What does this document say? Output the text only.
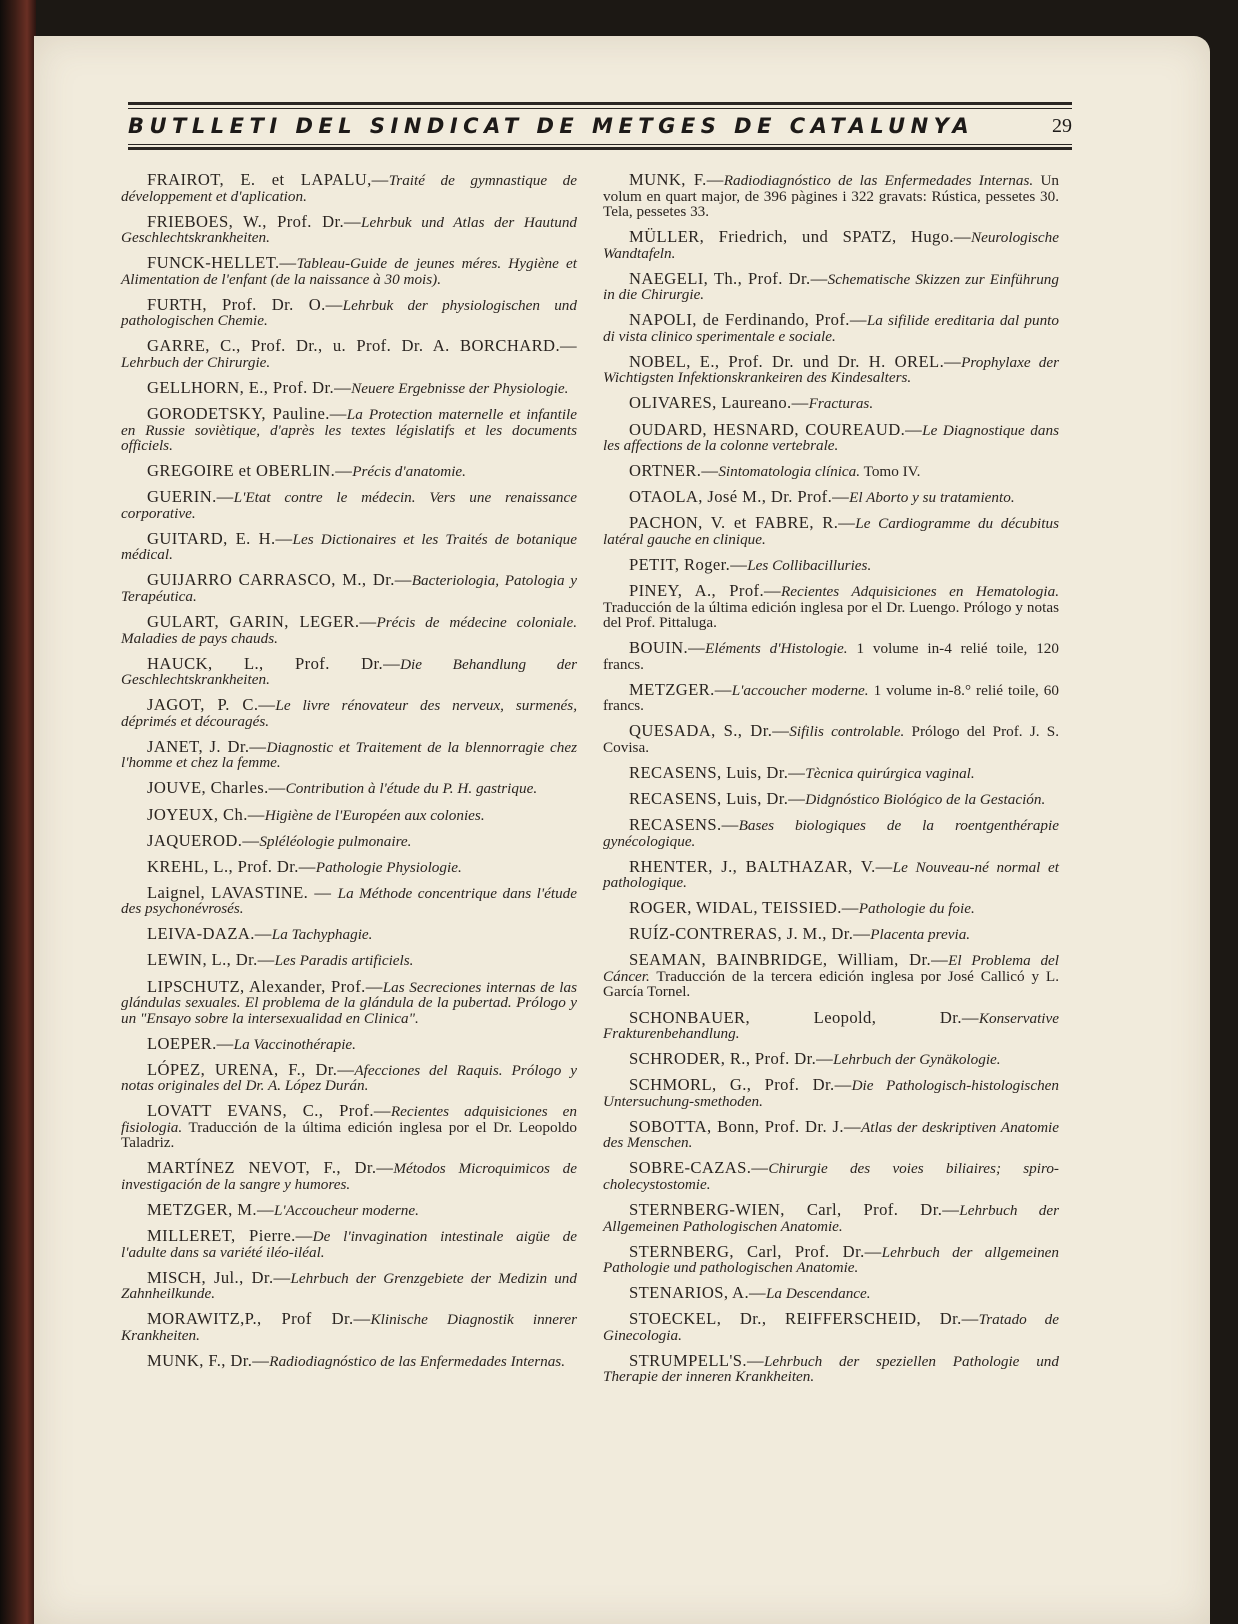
BUTLLETI DEL SINDICAT DE METGES DE CATALUNYA	29

FRAIROT, E. et LAPALU,—Traité de gymnastique de développement et d'aplication.

FRIEBOES, W., Prof. Dr.—Lehrbuk und Atlas der Hautund Geschlechtskrankheiten.

FUNCK-HELLET.—Tableau-Guide de jeunes méres. Hygiène et Alimentation de l'enfant (de la naissance à 30 mois).

FURTH, Prof. Dr. O.—Lehrbuk der physiologischen und pathologischen Chemie.

GARRE, C., Prof. Dr., u. Prof. Dr. A. BORCHARD.—Lehrbuch der Chirurgie.

GELLHORN, E., Prof. Dr.—Neuere Ergebnisse der Physiologie.

GORODETSKY, Pauline.—La Protection maternelle et infantile en Russie soviètique, d'après les textes législatifs et les documents officiels.

GREGOIRE et OBERLIN.—Précis d'anatomie.

GUERIN.—L'Etat contre le médecin. Vers une renaissance corporative.

GUITARD, E. H.—Les Dictionaires et les Traités de botanique médical.

GUIJARRO CARRASCO, M., Dr.—Bacteriologia, Patologia y Terapéutica.

GULART, GARIN, LEGER.—Précis de médecine coloniale. Maladies de pays chauds.

HAUCK, L., Prof. Dr.—Die Behandlung der Geschlechtskrankheiten.

JAGOT, P. C.—Le livre rénovateur des nerveux, surmenés, déprimés et découragés.

JANET, J. Dr.—Diagnostic et Traitement de la blennorragie chez l'homme et chez la femme.

JOUVE, Charles.—Contribution à l'étude du P. H. gastrique.

JOYEUX, Ch.—Higiène de l'Européen aux colonies.

JAQUEROD.—Spléléologie pulmonaire.

KREHL, L., Prof. Dr.—Pathologie Physiologie.

Laignel, LAVASTINE. — La Méthode concentrique dans l'étude des psychonévrosés.

LEIVA-DAZA.—La Tachyphagie.

LEWIN, L., Dr.—Les Paradis artificiels.

LIPSCHUTZ, Alexander, Prof.—Las Secreciones internas de las glándulas sexuales. El problema de la glándula de la pubertad. Prólogo y un "Ensayo sobre la intersexualidad en Clinica".

LOEPER.—La Vaccinothérapie.

LÓPEZ, URENA, F., Dr.—Afecciones del Raquis. Prólogo y notas originales del Dr. A. López Durán.

LOVATT EVANS, C., Prof.—Recientes adquisiciones en fisiologia. Traducción de la última edición inglesa por el Dr. Leopoldo Taladriz.

MARTÍNEZ NEVOT, F., Dr.—Métodos Microquimicos de investigación de la sangre y humores.

METZGER, M.—L'Accoucheur moderne.

MILLERET, Pierre.—De l'invagination intestinale aigüe de l'adulte dans sa variété iléo-iléal.

MISCH, Jul., Dr.—Lehrbuch der Grenzgebiete der Medizin und Zahnheilkunde.

MORAWITZ,P., Prof Dr.—Klinische Diagnostik innerer Krankheiten.

MUNK, F., Dr.—Radiodiagnóstico de las Enfermedades Internas.

MUNK, F.—Radiodiagnóstico de las Enfermedades Internas. Un volum en quart major, de 396 pàgines i 322 gravats: Rústica, pessetes 30. Tela, pessetes 33.

MÜLLER, Friedrich, und SPATZ, Hugo.—Neurologische Wandtafeln.

NAEGELI, Th., Prof. Dr.—Schematische Skizzen zur Einführung in die Chirurgie.

NAPOLI, de Ferdinando, Prof.—La sifilide ereditaria dal punto di vista clinico sperimentale e sociale.

NOBEL, E., Prof. Dr. und Dr. H. OREL.—Prophylaxe der Wichtigsten Infektionskrankeiren des Kindesalters.

OLIVARES, Laureano.—Fracturas.

OUDARD, HESNARD, COUREAUD.—Le Diagnostique dans les affections de la colonne vertebrale.

ORTNER.—Sintomatologia clínica. Tomo IV.

OTAOLA, José M., Dr. Prof.—El Aborto y su tratamiento.

PACHON, V. et FABRE, R.—Le Cardiogramme du décubitus latéral gauche en clinique.

PETIT, Roger.—Les Collibacilluries.

PINEY, A., Prof.—Recientes Adquisiciones en Hematologia. Traducción de la última edición inglesa por el Dr. Luengo. Prólogo y notas del Prof. Pittaluga.

BOUIN.—Eléments d'Histologie. 1 volume in-4 relié toile, 120 francs.

METZGER.—L'accoucher moderne. 1 volume in-8.° relié toile, 60 francs.

QUESADA, S., Dr.—Sifilis controlable. Prólogo del Prof. J. S. Covisa.

RECASENS, Luis, Dr.—Tècnica quirúrgica vaginal.

RECASENS, Luis, Dr.—Didgnóstico Biológico de la Gestación.

RECASENS.—Bases biologiques de la roentgenthérapie gynécologique.

RHENTER, J., BALTHAZAR, V.—Le Nouveau-né normal et pathologique.

ROGER, WIDAL, TEISSIED.—Pathologie du foie.

RUÍZ-CONTRERAS, J. M., Dr.—Placenta previa.

SEAMAN, BAINBRIDGE, William, Dr.—El Problema del Cáncer. Traducción de la tercera edición inglesa por José Callicó y L. García Tornel.

SCHONBAUER, Leopold, Dr.—Konservative Frakturenbehandlung.

SCHRODER, R., Prof. Dr.—Lehrbuch der Gynäkologie.

SCHMORL, G., Prof. Dr.—Die Pathologisch-histologischen Untersuchung-smethoden.

SOBOTTA, Bonn, Prof. Dr. J.—Atlas der deskriptiven Anatomie des Menschen.

SOBRE-CAZAS.—Chirurgie des voies biliaires; spiro-cholecystostomie.

STERNBERG-WIEN, Carl, Prof. Dr.—Lehrbuch der Allgemeinen Pathologischen Anatomie.

STERNBERG, Carl, Prof. Dr.—Lehrbuch der allgemeinen Pathologie und pathologischen Anatomie.

STENARIOS, A.—La Descendance.

STOECKEL, Dr., REIFFERSCHEID, Dr.—Tratado de Ginecologia.

STRUMPELL'S.—Lehrbuch der speziellen Pathologie und Therapie der inneren Krankheiten.
